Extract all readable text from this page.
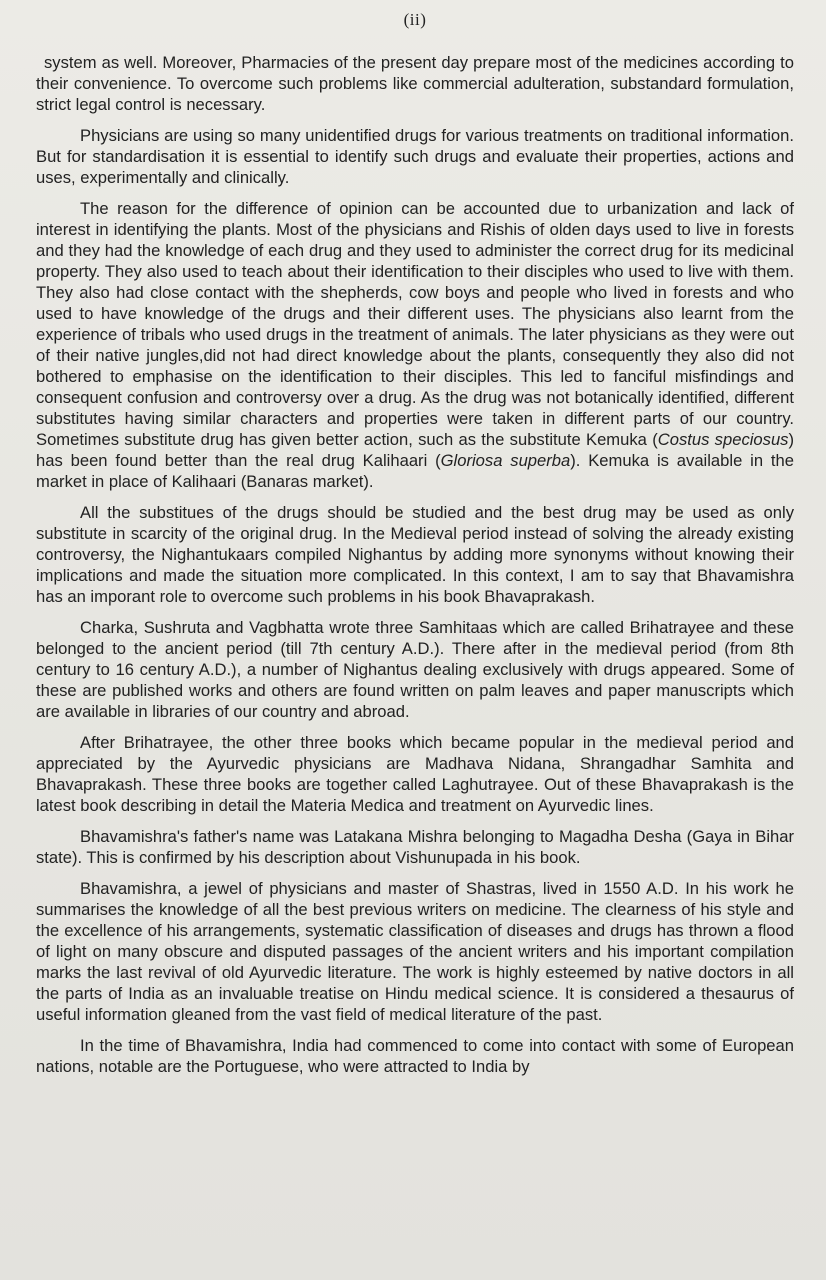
(ii)

system as well. Moreover, Pharmacies of the present day prepare most of the medicines according to their convenience. To overcome such problems like commercial adulteration, substandard formulation, strict legal control is necessary.

Physicians are using so many unidentified drugs for various treatments on traditional information. But for standardisation it is essential to identify such drugs and evaluate their properties, actions and uses, experimentally and clinically.

The reason for the difference of opinion can be accounted due to urbanization and lack of interest in identifying the plants. Most of the physicians and Rishis of olden days used to live in forests and they had the knowledge of each drug and they used to administer the correct drug for its medicinal property. They also used to teach about their identification to their disciples who used to live with them. They also had close contact with the shepherds, cow boys and people who lived in forests and who used to have knowledge of the drugs and their different uses. The physicians also learnt from the experience of tribals who used drugs in the treatment of animals. The later physicians as they were out of their native jungles,did not had direct knowledge about the plants, consequently they also did not bothered to emphasise on the identification to their disciples. This led to fanciful misfindings and consequent confusion and controversy over a drug. As the drug was not botanically identified, different substitutes having similar characters and properties were taken in different parts of our country. Sometimes substitute drug has given better action, such as the substitute Kemuka (Costus speciosus) has been found better than the real drug Kalihaari (Gloriosa superba). Kemuka is available in the market in place of Kalihaari (Banaras market).

All the substitues of the drugs should be studied and the best drug may be used as only substitute in scarcity of the original drug. In the Medieval period instead of solving the already existing controversy, the Nighantukaars compiled Nighantus by adding more synonyms without knowing their implications and made the situation more complicated. In this context, I am to say that Bhavamishra has an imporant role to overcome such problems in his book Bhavaprakash.

Charka, Sushruta and Vagbhatta wrote three Samhitaas which are called Brihatrayee and these belonged to the ancient period (till 7th century A.D.). There after in the medieval period (from 8th century to 16 century A.D.), a number of Nighantus dealing exclusively with drugs appeared. Some of these are published works and others are found written on palm leaves and paper manuscripts which are available in libraries of our country and abroad.

After Brihatrayee, the other three books which became popular in the medieval period and appreciated by the Ayurvedic physicians are Madhava Nidana, Shrangadhar Samhita and Bhavaprakash. These three books are together called Laghutrayee. Out of these Bhavaprakash is the latest book describing in detail the Materia Medica and treatment on Ayurvedic lines.

Bhavamishra's father's name was Latakana Mishra belonging to Magadha Desha (Gaya in Bihar state). This is confirmed by his description about Vishunupada in his book.

Bhavamishra, a jewel of physicians and master of Shastras, lived in 1550 A.D. In his work he summarises the knowledge of all the best previous writers on medicine. The clearness of his style and the excellence of his arrangements, systematic classification of diseases and drugs has thrown a flood of light on many obscure and disputed passages of the ancient writers and his important compilation marks the last revival of old Ayurvedic literature. The work is highly esteemed by native doctors in all the parts of India as an invaluable treatise on Hindu medical science. It is considered a thesaurus of useful information gleaned from the vast field of medical literature of the past.

In the time of Bhavamishra, India had commenced to come into contact with some of European nations, notable are the Portuguese, who were attracted to India by
